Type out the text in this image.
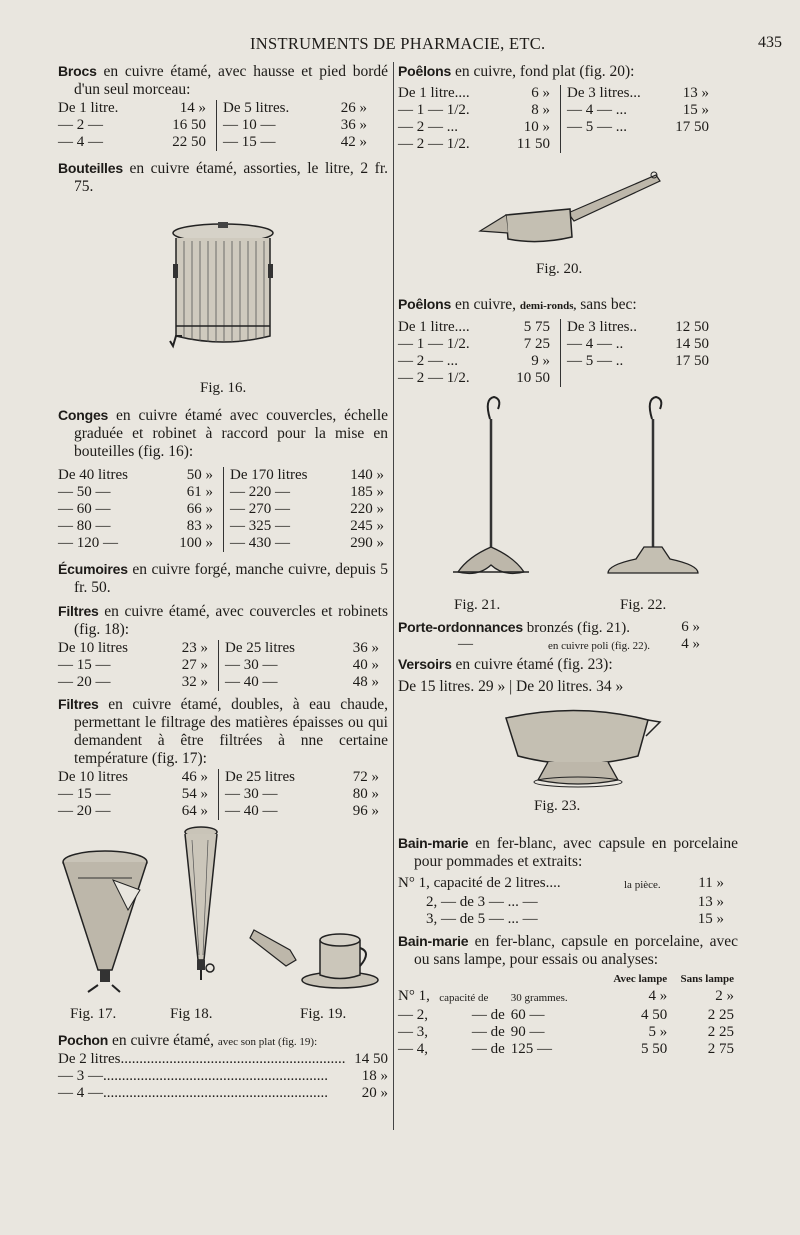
INSTRUMENTS DE PHARMACIE, ETC.	435

Brocs en cuivre étamé, avec hausse et pied bordé d'un seul morceau:

De 1 litre.	14 »	De 5 litres.	26 »
— 2 —	16 50	— 10 —	36 »
— 4 —	22 50	— 15 —	42 »

Bouteilles en cuivre étamé, assorties, le litre, 2 fr. 75.

Fig. 16.

Conges en cuivre étamé avec couvercles, échelle graduée et robinet à raccord pour la mise en bouteilles (fig. 16):

De 40 litres	50 »	De 170 litres	140 »
— 50 —	61 »	— 220 —	185 »
— 60 —	66 »	— 270 —	220 »
— 80 —	83 »	— 325 —	245 »
— 120 —	100 »	— 430 —	290 »

Écumoires en cuivre forgé, manche cuivre, depuis 5 fr. 50.

Filtres en cuivre étamé, avec couvercles et robinets (fig. 18):

De 10 litres	23 »	De 25 litres	36 »
— 15 —	27 »	— 30 —	40 »
— 20 —	32 »	— 40 —	48 »

Filtres en cuivre étamé, doubles, à eau chaude, permettant le filtrage des matières épaisses ou qui demandent à être filtrées à nne certaine température (fig. 17):

De 10 litres	46 »	De 25 litres	72 »
— 15 —	54 »	— 30 —	80 »
— 20 —	64 »	— 40 —	96 »
Fig. 17.	Fig 18.	Fig. 19.

Pochon en cuivre étamé, avec son plat (fig. 19):

De 2 litres ............................................................ 14 50
— 3 — ............................................................	18 »
— 4 — ............................................................	20 »

Poêlons en cuivre, fond plat (fig. 20):

De 1 litre....	6 »	De 3 litres...	13 »
— 1 — 1/2.	8 »	— 4 — ...	15 »
— 2 — ...	10 »	— 5 — ...	17 50
— 2 — 1/2.	11 50		
Fig. 20.

Poêlons en cuivre, demi-ronds, sans bec:

De 1 litre....	5 75	De 3 litres..	12 50
— 1 — 1/2.	7 25	— 4 — ..	14 50
— 2 — ...	9 »	— 5 — ..	17 50
— 2 — 1/2.	10 50		
Fig. 21.	Fig. 22.
Porte-ordonnances bronzés (fig. 21).	6 »
—	en cuivre poli (fig. 22). 4 »

Versoirs en cuivre étamé (fig. 23):

De 15 litres. 29 » | De 20 litres. 34 »

Fig. 23.

Bain-marie en fer-blanc, avec capsule en porcelaine pour pommades et extraits:

N° 1, capacité de 2 litres....	la pièce.	11 »
2, — de 3 — ... —		13 »
3, — de 5 — ... —		15 »

Bain-marie en fer-blanc, capsule en porcelaine, avec ou sans lampe, pour essais ou analyses:

			Avec lampe	Sans lampe
N° 1,	capacité de	30 grammes.	4 »	2 »
— 2,	— de	60 —	4 50	2 25
— 3,	— de	90 —	5 »	2 25
— 4,	— de	125 —	5 50	2 75
